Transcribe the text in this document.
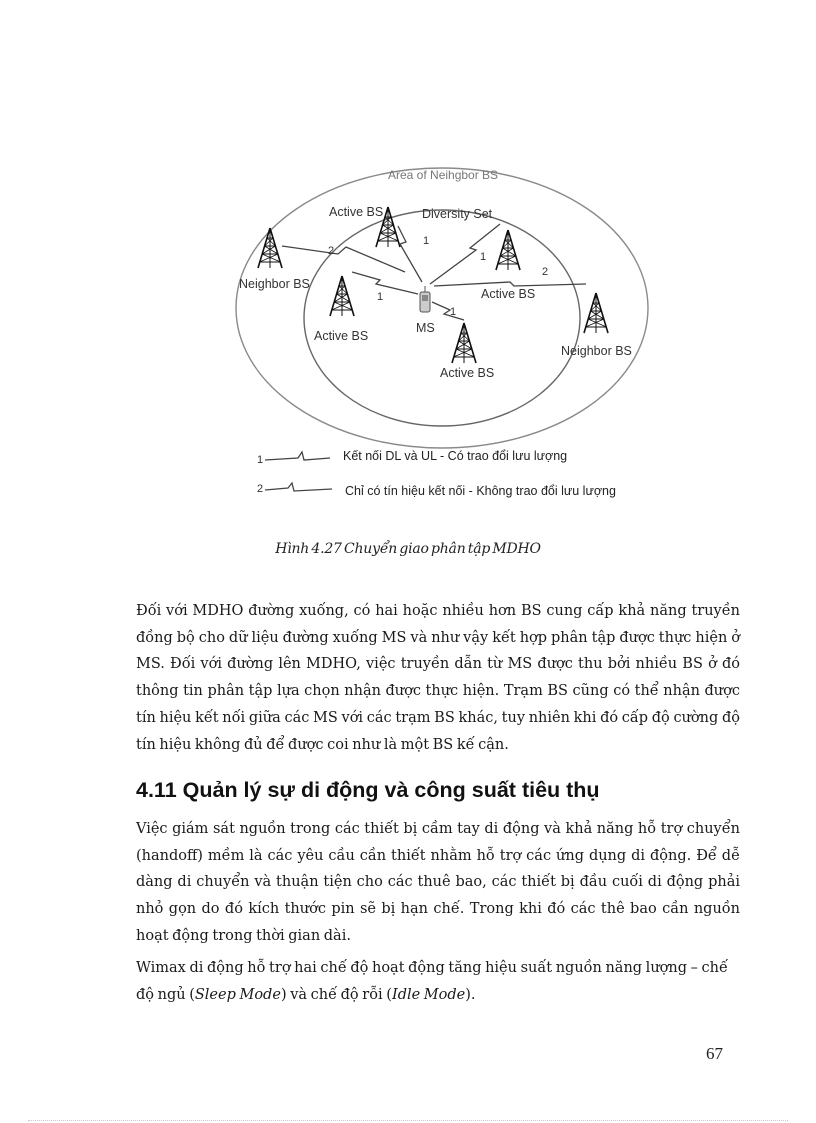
Area of Neihgbor BS
Diversity Set
Active BS
Neighbor BS
Active BS
Active BS
Active BS
Neighbor BS
MS
2
1
1
2
1
1
1	Kết nối DL và UL - Có trao đổi lưu lượng
2	Chỉ có tín hiệu kết nối - Không trao đổi lưu lượng
Hình 4.27 Chuyển giao phân tập MDHO

Đối với MDHO đường xuống, có hai hoặc nhiều hơn BS cung cấp khả năng truyền đồng bộ cho dữ liệu đường xuống MS và như vậy kết hợp phân tập được thực hiện ở MS. Đối với đường lên MDHO, việc truyền dẫn từ MS được thu bởi nhiều BS ở đó thông tin phân tập lựa chọn nhận được thực hiện. Trạm BS cũng có thể nhận được tín hiệu kết nối giữa các MS với các trạm BS khác, tuy nhiên khi đó cấp độ cường độ tín hiệu không đủ để được coi như là một BS kế cận.

4.11 Quản lý sự di động và công suất tiêu thụ

Việc giám sát nguồn trong các thiết bị cầm tay di động và khả năng hỗ trợ chuyển (handoff) mềm là các yêu cầu cần thiết nhằm hỗ trợ các ứng dụng di động. Để dễ dàng di chuyển và thuận tiện cho các thuê bao, các thiết bị đầu cuối di động phải nhỏ gọn do đó kích thước pin sẽ bị hạn chế. Trong khi đó các thê bao cần nguồn hoạt động trong thời gian dài.

Wimax di động hỗ trợ hai chế độ hoạt động tăng hiệu suất nguồn năng lượng – chế độ ngủ (Sleep Mode) và chế độ rỗi (Idle Mode).

67
